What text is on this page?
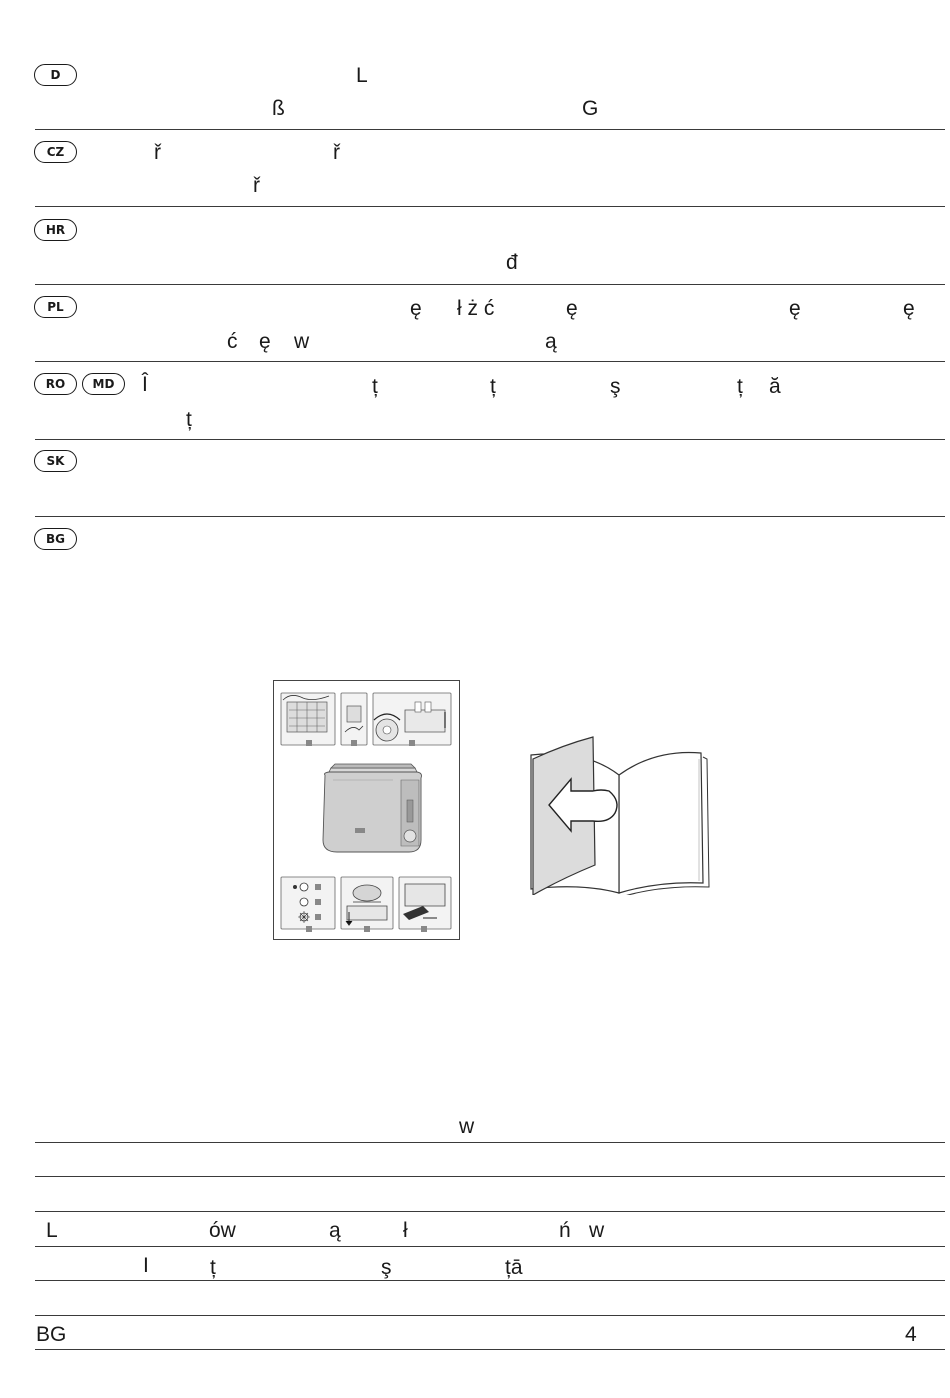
D	L
ß	G
CZ	ř	ř
ř
HR
đ
PL	ę ł ż ć	ę	ę	ę
ć ę w	ą
RO	MD	Î	ț	ț	ş	ț ă
ț
SK
BG
w
L	ów	ą	ł	ń w
I	ț	ş	țā
BG	4
